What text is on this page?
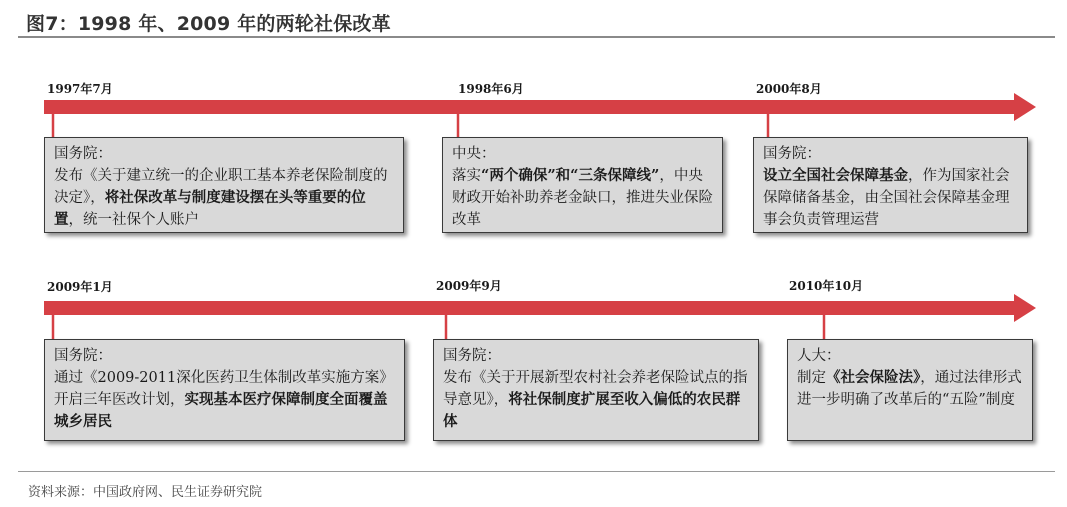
图7：1998 年、2009 年的两轮社保改革
1997年7月	1998年6月	2000年8月
2009年1月	2009年9月	2010年10月
国务院：
发布《关于建立统一的企业职工基本养老保险制度的决定》，将社保改革与制度建设摆在头等重要的位置，统一社保个人账户
中央：
落实“两个确保”和“三条保障线”，中央财政开始补助养老金缺口，推进失业保险改革
国务院：
设立全国社会保障基金，作为国家社会保障储备基金，由全国社会保障基金理事会负责管理运营
国务院：
通过《2009-2011深化医药卫生体制改革实施方案》开启三年医改计划，实现基本医疗保障制度全面覆盖城乡居民
国务院：
发布《关于开展新型农村社会养老保险试点的指导意见》，将社保制度扩展至收入偏低的农民群体
人大：
制定《社会保险法》，通过法律形式进一步明确了改革后的“五险”制度
资料来源：中国政府网、民生证券研究院
